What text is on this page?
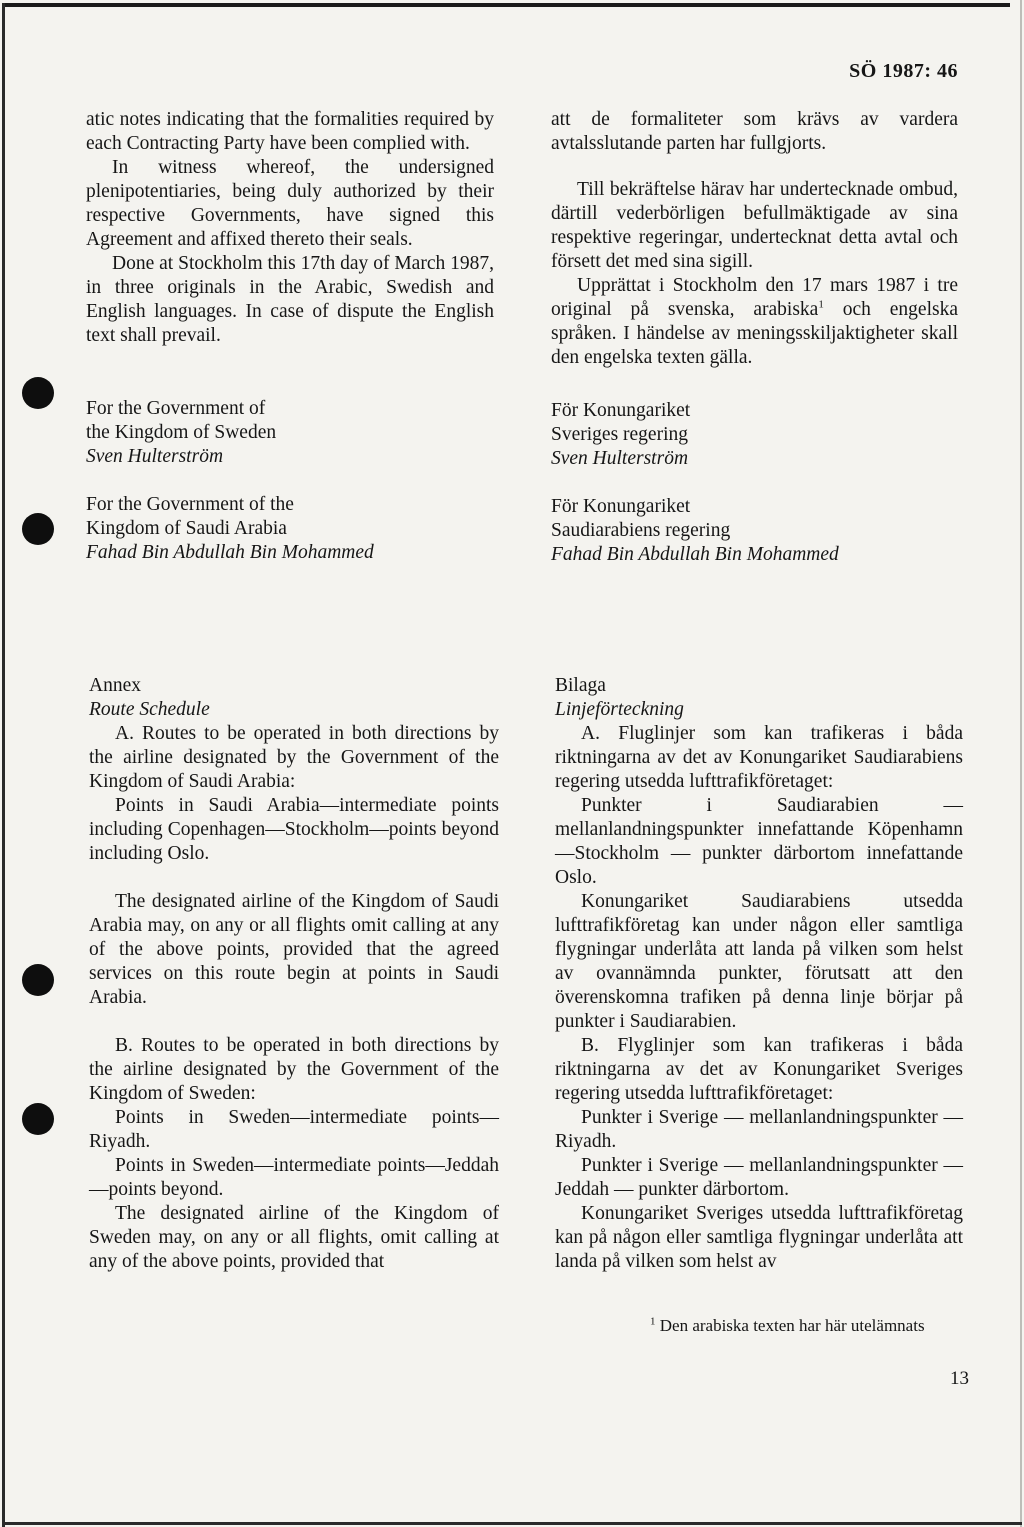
SÖ 1987: 46

atic notes indicating that the formalities required by each Contracting Party have been complied with.

In witness whereof, the undersigned plenipotentiaries, being duly authorized by their respective Governments, have signed this Agreement and affixed thereto their seals.

Done at Stockholm this 17th day of March 1987, in three originals in the Arabic, Swedish and English languages. In case of dispute the English text shall prevail.

att de formaliteter som krävs av vardera avtalsslutande parten har fullgjorts.

Till bekräftelse härav har undertecknade ombud, därtill vederbörligen befullmäktigade av sina respektive regeringar, undertecknat detta avtal och försett det med sina sigill.

Upprättat i Stockholm den 17 mars 1987 i tre original på svenska, arabiska$^1$ och engelska språken. I händelse av meningsskiljaktigheter skall den engelska texten gälla.

For the Government of
the Kingdom of Sweden
Sven Hulterström
För Konungariket
Sveriges regering
Sven Hulterström
For the Government of the
Kingdom of Saudi Arabia
Fahad Bin Abdullah Bin Mohammed
För Konungariket
Saudiarabiens regering
Fahad Bin Abdullah Bin Mohammed

Annex

Route Schedule

A. Routes to be operated in both directions by the airline designated by the Government of the Kingdom of Saudi Arabia:

Points in Saudi Arabia—intermediate points including Copenhagen—Stockholm—points beyond including Oslo.

The designated airline of the Kingdom of Saudi Arabia may, on any or all flights omit calling at any of the above points, provided that the agreed services on this route begin at points in Saudi Arabia.

B. Routes to be operated in both directions by the airline designated by the Government of the Kingdom of Sweden:

Points in Sweden—intermediate points—Riyadh.

Points in Sweden—intermediate points—Jeddah—points beyond.

The designated airline of the Kingdom of Sweden may, on any or all flights, omit calling at any of the above points, provided that

Bilaga

Linjeförteckning

A. Fluglinjer som kan trafikeras i båda riktningarna av det av Konungariket Saudiarabiens regering utsedda lufttrafikföretaget:

Punkter i Saudiarabien — mellanlandningspunkter innefattande Köpenhamn—Stockholm — punkter därbortom innefattande Oslo.

Konungariket Saudiarabiens utsedda lufttrafikföretag kan under någon eller samtliga flygningar underlåta att landa på vilken som helst av ovannämnda punkter, förutsatt att den överenskomna trafiken på denna linje börjar på punkter i Saudiarabien.

B. Flyglinjer som kan trafikeras i båda riktningarna av det av Konungariket Sveriges regering utsedda lufttrafikföretaget:

Punkter i Sverige — mellanlandningspunkter — Riyadh.

Punkter i Sverige — mellanlandningspunkter — Jeddah — punkter därbortom.

Konungariket Sveriges utsedda lufttrafikföretag kan på någon eller samtliga flygningar underlåta att landa på vilken som helst av

$^1$ Den arabiska texten har här utelämnats
13
